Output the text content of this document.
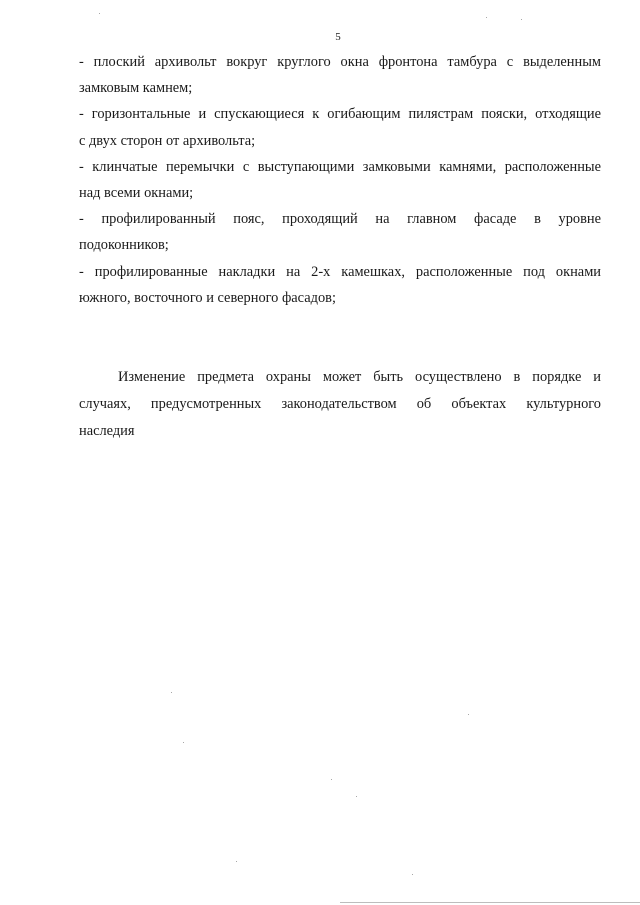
5
- плоский архивольт вокруг круглого окна фронтона тамбура с выделенным
замковым камнем;
- горизонтальные и спускающиеся к огибающим пилястрам пояски, отходящие
с двух сторон от архивольта;
- клинчатые перемычки с выступающими замковыми камнями, расположенные
над всеми окнами;
- профилированный пояс, проходящий на главном фасаде в уровне
подоконников;
- профилированные накладки на 2-х камешках, расположенные под окнами
южного, восточного и северного фасадов;
Изменение предмета охраны может быть осуществлено в порядке и
случаях, предусмотренных законодательством об объектах культурного
наследия
